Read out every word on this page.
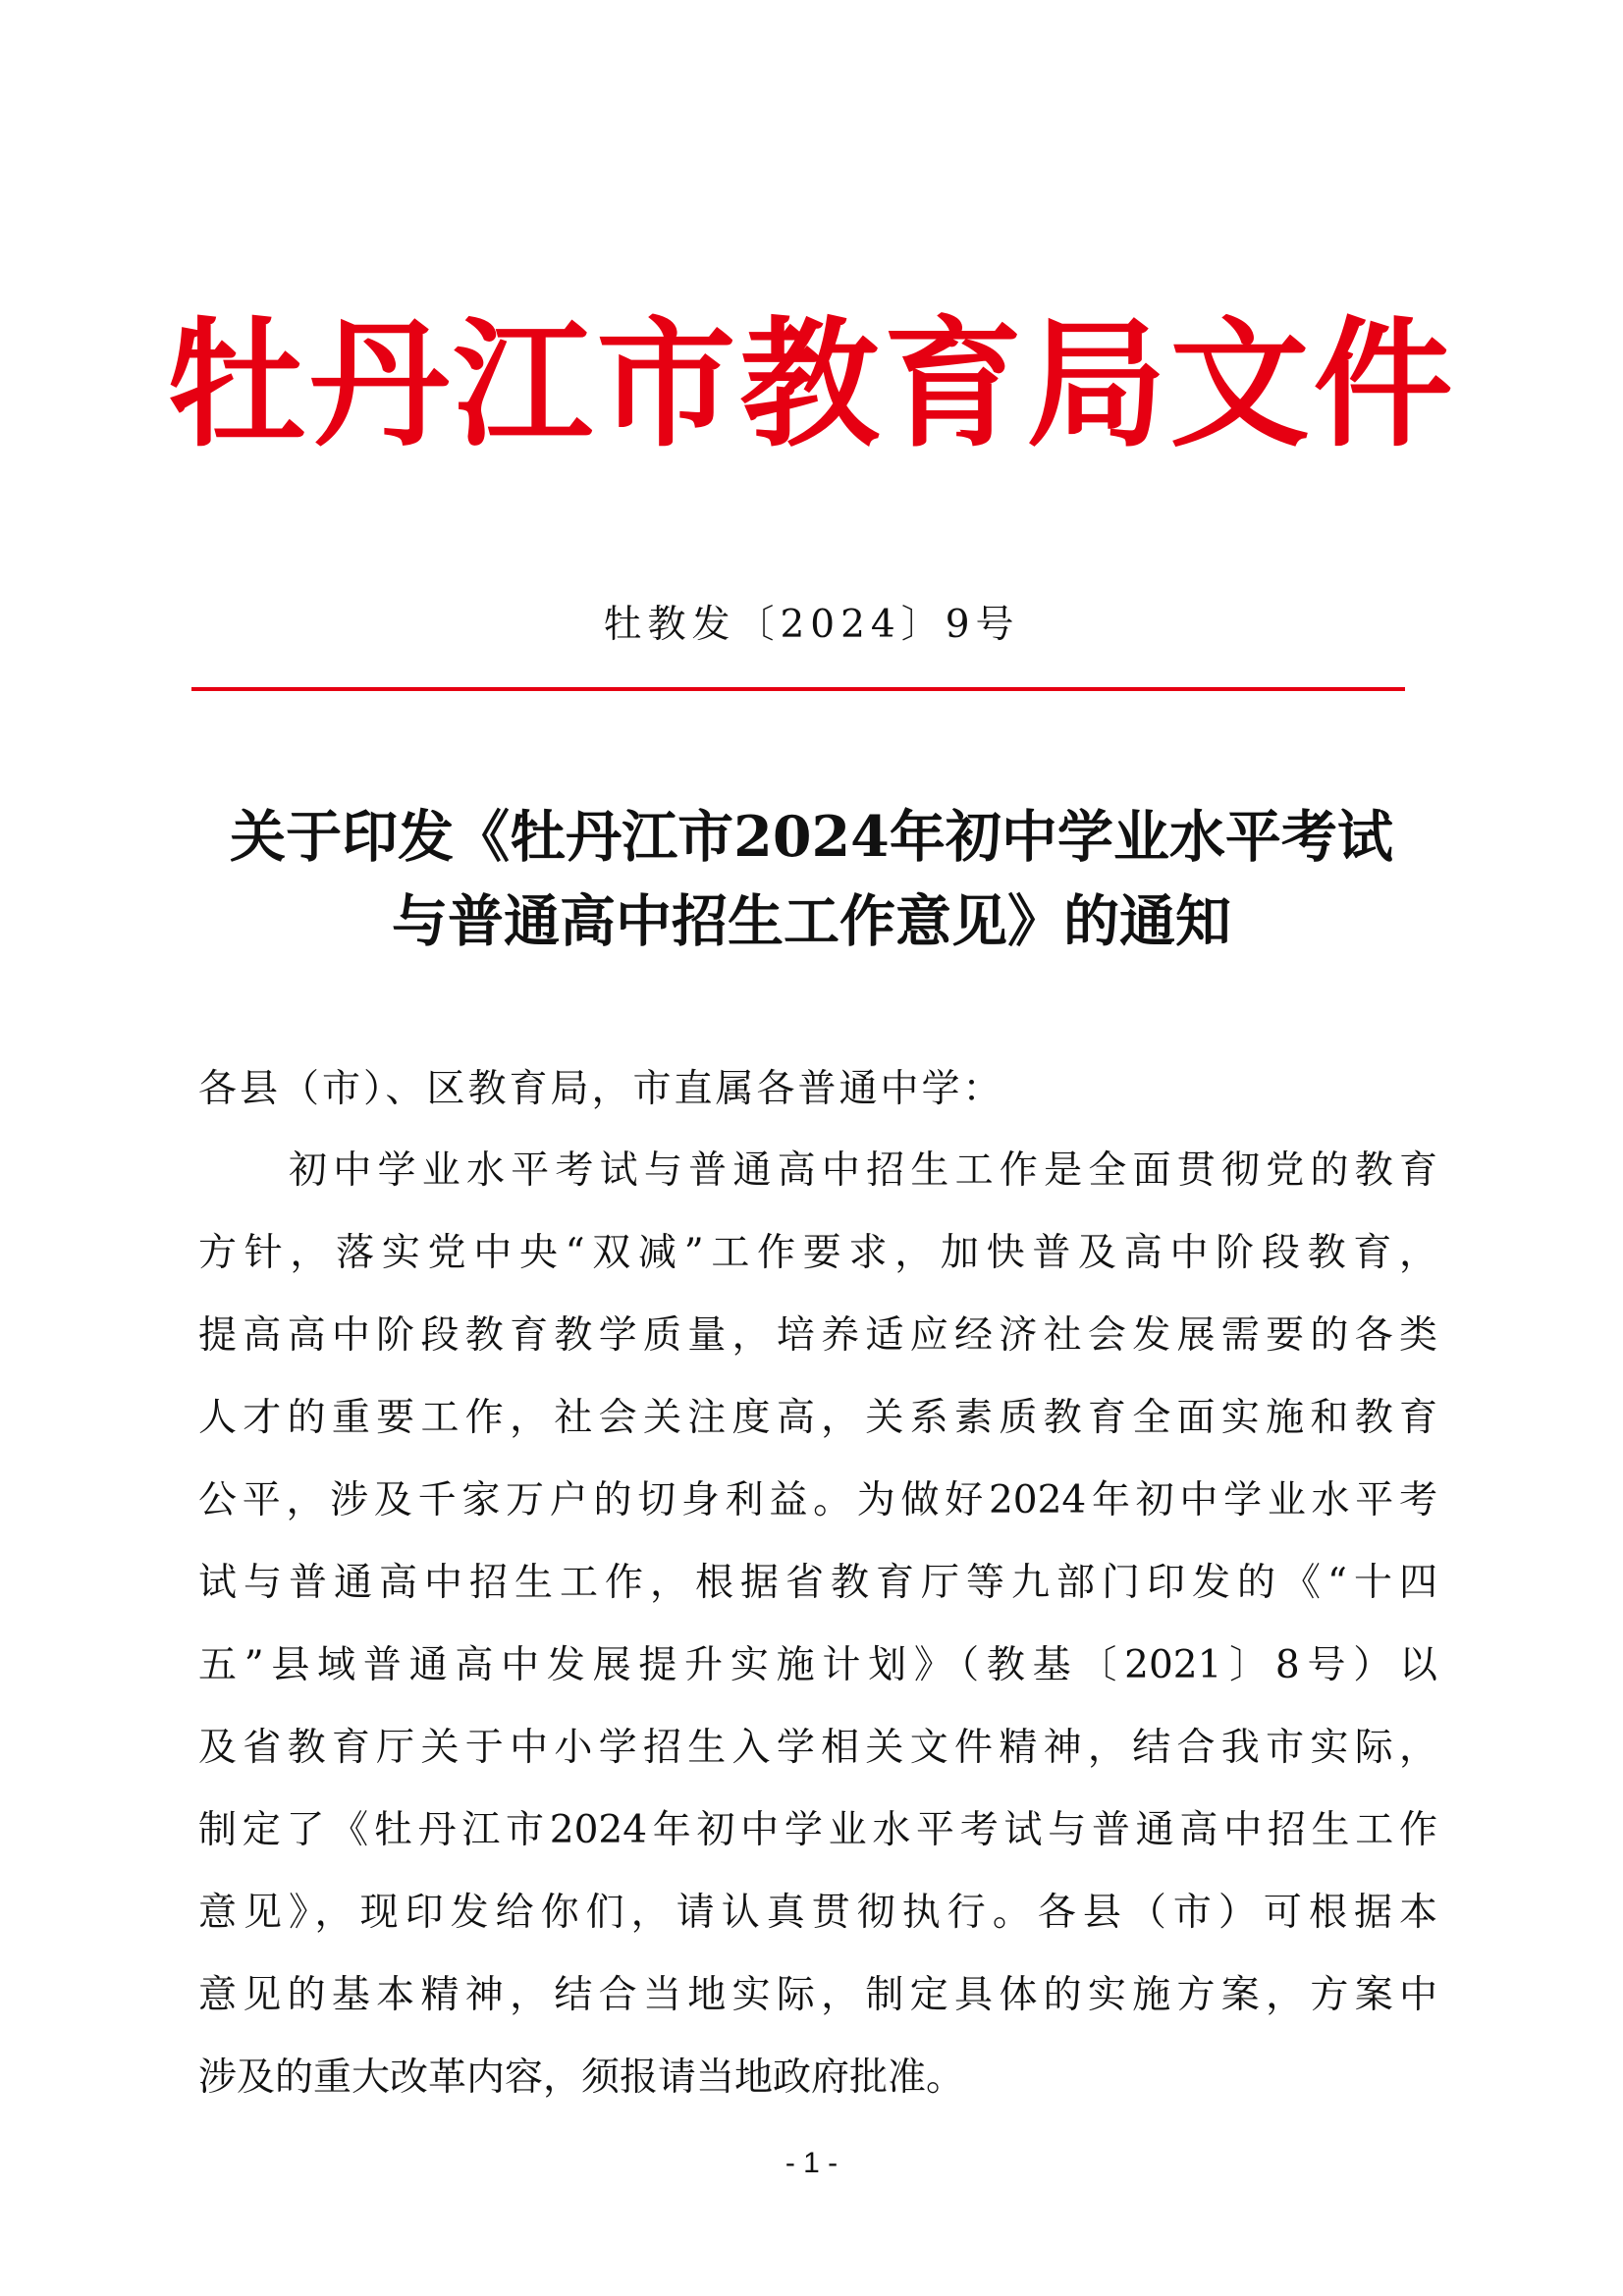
牡丹江市教育局文件
牡教发〔2024〕9号
关于印发《牡丹江市2024年初中学业水平考试
与普通高中招生工作意见》的通知
各县（市）、区教育局，市直属各普通中学：
初中学业水平考试与普通高中招生工作是全面贯彻党的教育
方针，落实党中央“双减”工作要求，加快普及高中阶段教育，
提高高中阶段教育教学质量，培养适应经济社会发展需要的各类
人才的重要工作，社会关注度高，关系素质教育全面实施和教育
公平，涉及千家万户的切身利益。为做好2024年初中学业水平考
试与普通高中招生工作，根据省教育厅等九部门印发的《“十四
五”县域普通高中发展提升实施计划》（教基〔2021〕8号）以
及省教育厅关于中小学招生入学相关文件精神，结合我市实际，
制定了《牡丹江市2024年初中学业水平考试与普通高中招生工作
意见》，现印发给你们，请认真贯彻执行。各县（市）可根据本
意见的基本精神，结合当地实际，制定具体的实施方案，方案中
涉及的重大改革内容，须报请当地政府批准。
- 1 -
